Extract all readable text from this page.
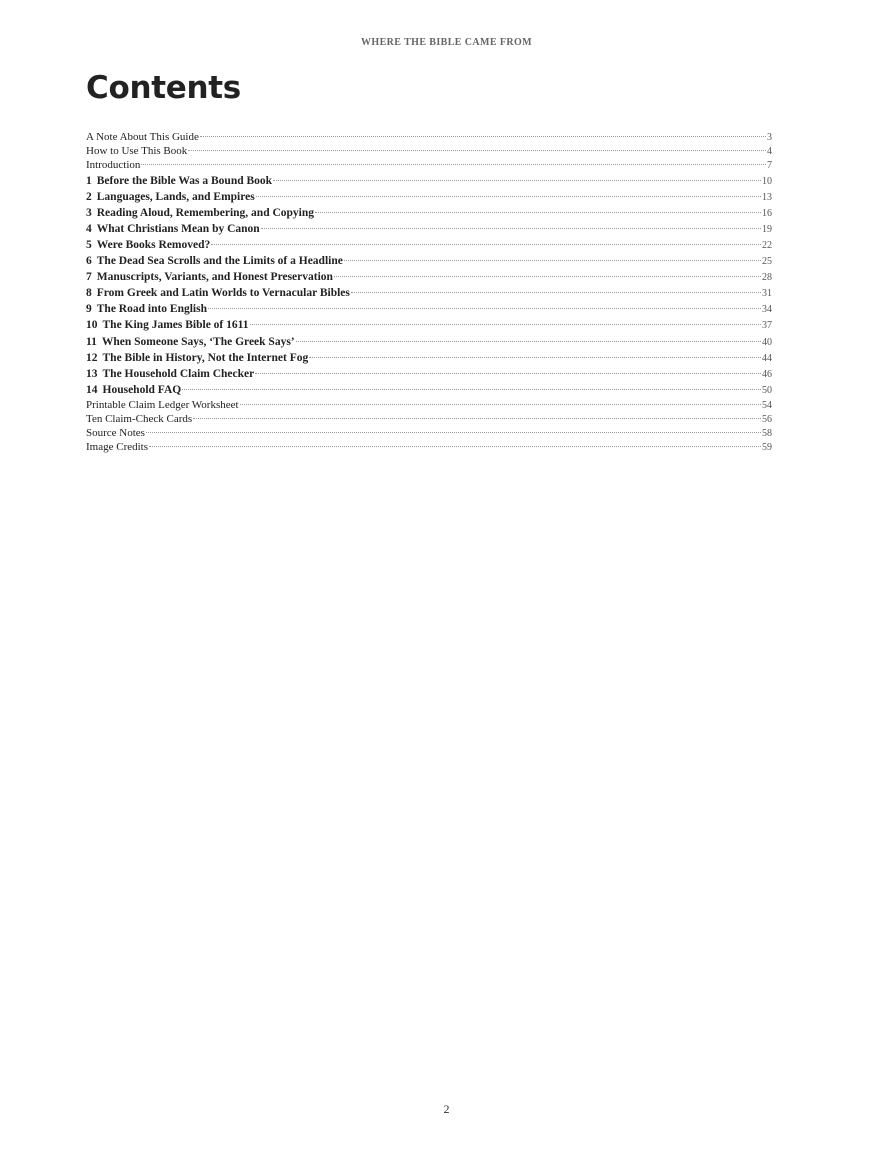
WHERE THE BIBLE CAME FROM
Contents
A Note About This Guide	3
How to Use This Book	4
Introduction	7
1 Before the Bible Was a Bound Book	10
2 Languages, Lands, and Empires	13
3 Reading Aloud, Remembering, and Copying	16
4 What Christians Mean by Canon	19
5 Were Books Removed?	22
6 The Dead Sea Scrolls and the Limits of a Headline	25
7 Manuscripts, Variants, and Honest Preservation	28
8 From Greek and Latin Worlds to Vernacular Bibles	31
9 The Road into English	34
10 The King James Bible of 1611	37
11 When Someone Says, ‘The Greek Says’	40
12 The Bible in History, Not the Internet Fog	44
13 The Household Claim Checker	46
14 Household FAQ	50
Printable Claim Ledger Worksheet	54
Ten Claim-Check Cards	56
Source Notes	58
Image Credits	59
2
